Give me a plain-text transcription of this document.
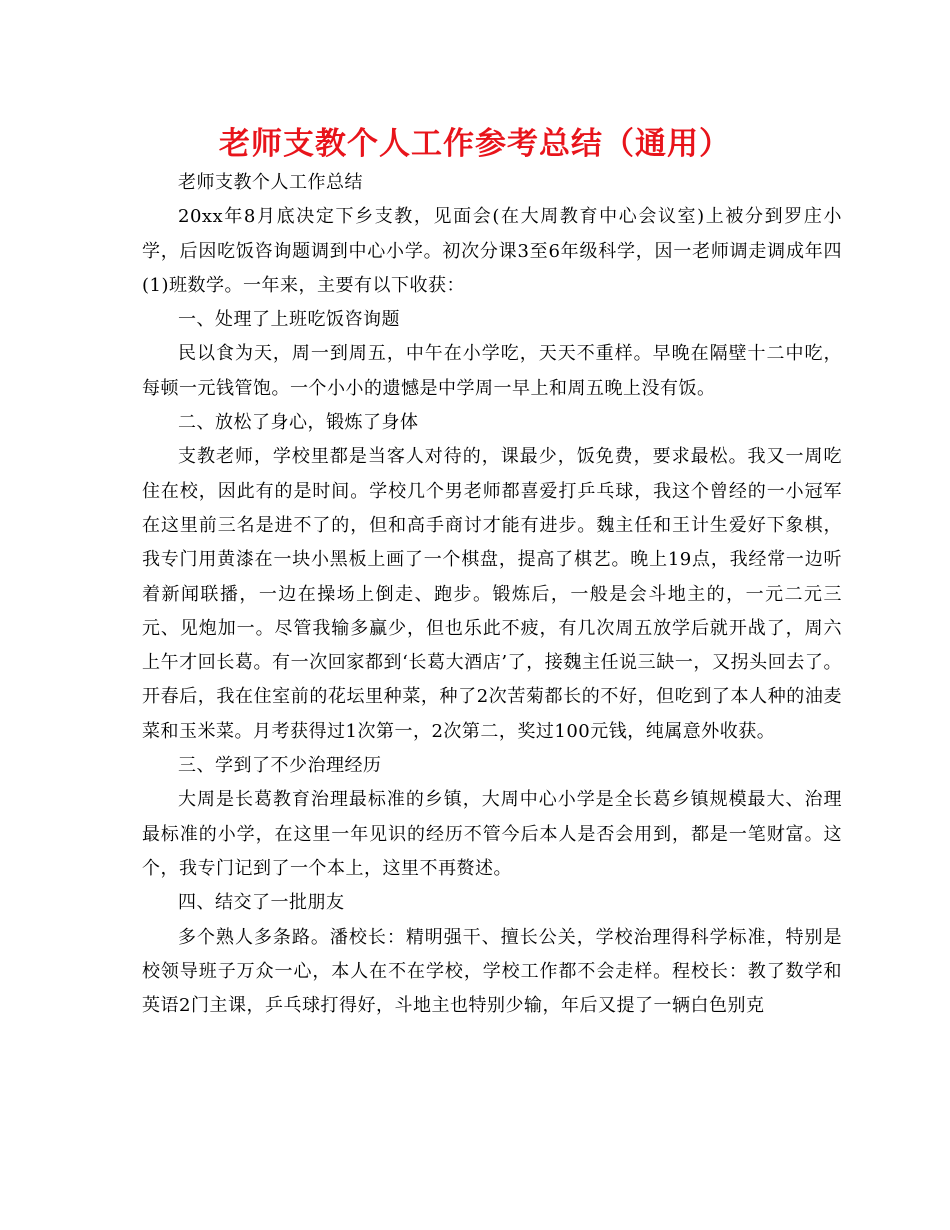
老师支教个人工作参考总结（通用）

老师支教个人工作总结

20xx年8月底决定下乡支教，见面会(在大周教育中心会议室)上被分到罗庄小学，后因吃饭咨询题调到中心小学。初次分课3至6年级科学，因一老师调走调成年四(1)班数学。一年来，主要有以下收获：

一、处理了上班吃饭咨询题

民以食为天，周一到周五，中午在小学吃，天天不重样。早晚在隔壁十二中吃，每顿一元钱管饱。一个小小的遗憾是中学周一早上和周五晚上没有饭。

二、放松了身心，锻炼了身体

支教老师，学校里都是当客人对待的，课最少，饭免费，要求最松。我又一周吃住在校，因此有的是时间。学校几个男老师都喜爱打乒乓球，我这个曾经的一小冠军在这里前三名是进不了的，但和高手商讨才能有进步。魏主任和王计生爱好下象棋，我专门用黄漆在一块小黑板上画了一个棋盘，提高了棋艺。晚上19点，我经常一边听着新闻联播，一边在操场上倒走、跑步。锻炼后，一般是会斗地主的，一元二元三元、见炮加一。尽管我输多赢少，但也乐此不疲，有几次周五放学后就开战了，周六上午才回长葛。有一次回家都到‘长葛大酒店’了，接魏主任说三缺一，又拐头回去了。开春后，我在住室前的花坛里种菜，种了2次苦菊都长的不好，但吃到了本人种的油麦菜和玉米菜。月考获得过1次第一，2次第二，奖过100元钱，纯属意外收获。

三、学到了不少治理经历

大周是长葛教育治理最标准的乡镇，大周中心小学是全长葛乡镇规模最大、治理最标准的小学，在这里一年见识的经历不管今后本人是否会用到，都是一笔财富。这个，我专门记到了一个本上，这里不再赘述。

四、结交了一批朋友

多个熟人多条路。潘校长：精明强干、擅长公关，学校治理得科学标准，特别是校领导班子万众一心，本人在不在学校，学校工作都不会走样。程校长：教了数学和英语2门主课，乒乓球打得好，斗地主也特别少输，年后又提了一辆白色别克
